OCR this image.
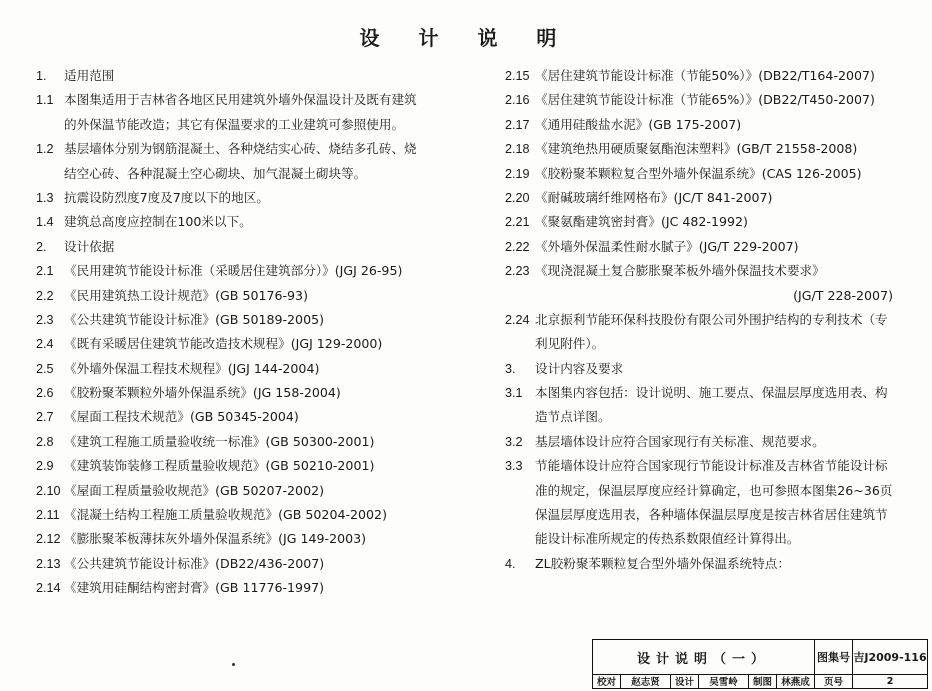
设 计 说 明
1.	适用范围
1.1 本图集适用于吉林省各地区民用建筑外墙外保温设计及既有建筑
的外保温节能改造；其它有保温要求的工业建筑可参照使用。
1.2 基层墙体分别为钢筋混凝土、各种烧结实心砖、烧结多孔砖、烧
结空心砖、各种混凝土空心砌块、加气混凝土砌块等。
1.3 抗震设防烈度7度及7度以下的地区。
1.4 建筑总高度应控制在100米以下。
2.	设计依据
2.1 《民用建筑节能设计标准（采暖居住建筑部分）》(JGJ 26-95)
2.2 《民用建筑热工设计规范》(GB 50176-93)
2.3 《公共建筑节能设计标准》(GB 50189-2005)
2.4 《既有采暖居住建筑节能改造技术规程》(JGJ 129-2000)
2.5 《外墙外保温工程技术规程》(JGJ 144-2004)
2.6 《胶粉聚苯颗粒外墙外保温系统》(JG 158-2004)
2.7 《屋面工程技术规范》(GB 50345-2004)
2.8 《建筑工程施工质量验收统一标准》(GB 50300-2001)
2.9 《建筑装饰装修工程质量验收规范》(GB 50210-2001)
2.10 《屋面工程质量验收规范》(GB 50207-2002)
2.11 《混凝土结构工程施工质量验收规范》(GB 50204-2002)
2.12 《膨胀聚苯板薄抹灰外墙外保温系统》(JG 149-2003)
2.13 《公共建筑节能设计标准》(DB22/436-2007)
2.14 《建筑用硅酮结构密封膏》(GB 11776-1997)
2.15 《居住建筑节能设计标准（节能50%）》(DB22/T164-2007)
2.16 《居住建筑节能设计标准（节能65%）》(DB22/T450-2007)
2.17 《通用硅酸盐水泥》(GB 175-2007)
2.18 《建筑绝热用硬质聚氨酯泡沫塑料》(GB/T 21558-2008)
2.19 《胶粉聚苯颗粒复合型外墙外保温系统》(CAS 126-2005)
2.20 《耐碱玻璃纤维网格布》(JC/T 841-2007)
2.21 《聚氨酯建筑密封膏》(JC 482-1992)
2.22 《外墙外保温柔性耐水腻子》(JG/T 229-2007)
2.23 《现浇混凝土复合膨胀聚苯板外墙外保温技术要求》
(JG/T 228-2007)
2.24 北京振利节能环保科技股份有限公司外围护结构的专利技术（专
利见附件）。
3.	设计内容及要求
3.1 本图集内容包括：设计说明、施工要点、保温层厚度选用表、构
造节点详图。
3.2 基层墙体设计应符合国家现行有关标准、规范要求。
3.3 节能墙体设计应符合国家现行节能设计标准及吉林省节能设计标
准的规定，保温层厚度应经计算确定，也可参照本图集26~36页
保温层厚度选用表，各种墙体保温层厚度是按吉林省居住建筑节
能设计标准所规定的传热系数限值经计算得出。
4.	ZL胶粉聚苯颗粒复合型外墙外保温系统特点：
设计说明（一）	图集号 吉J2009-116
校对	赵志贤	设计	吴雪岭	制图 林燕成	页号	2
